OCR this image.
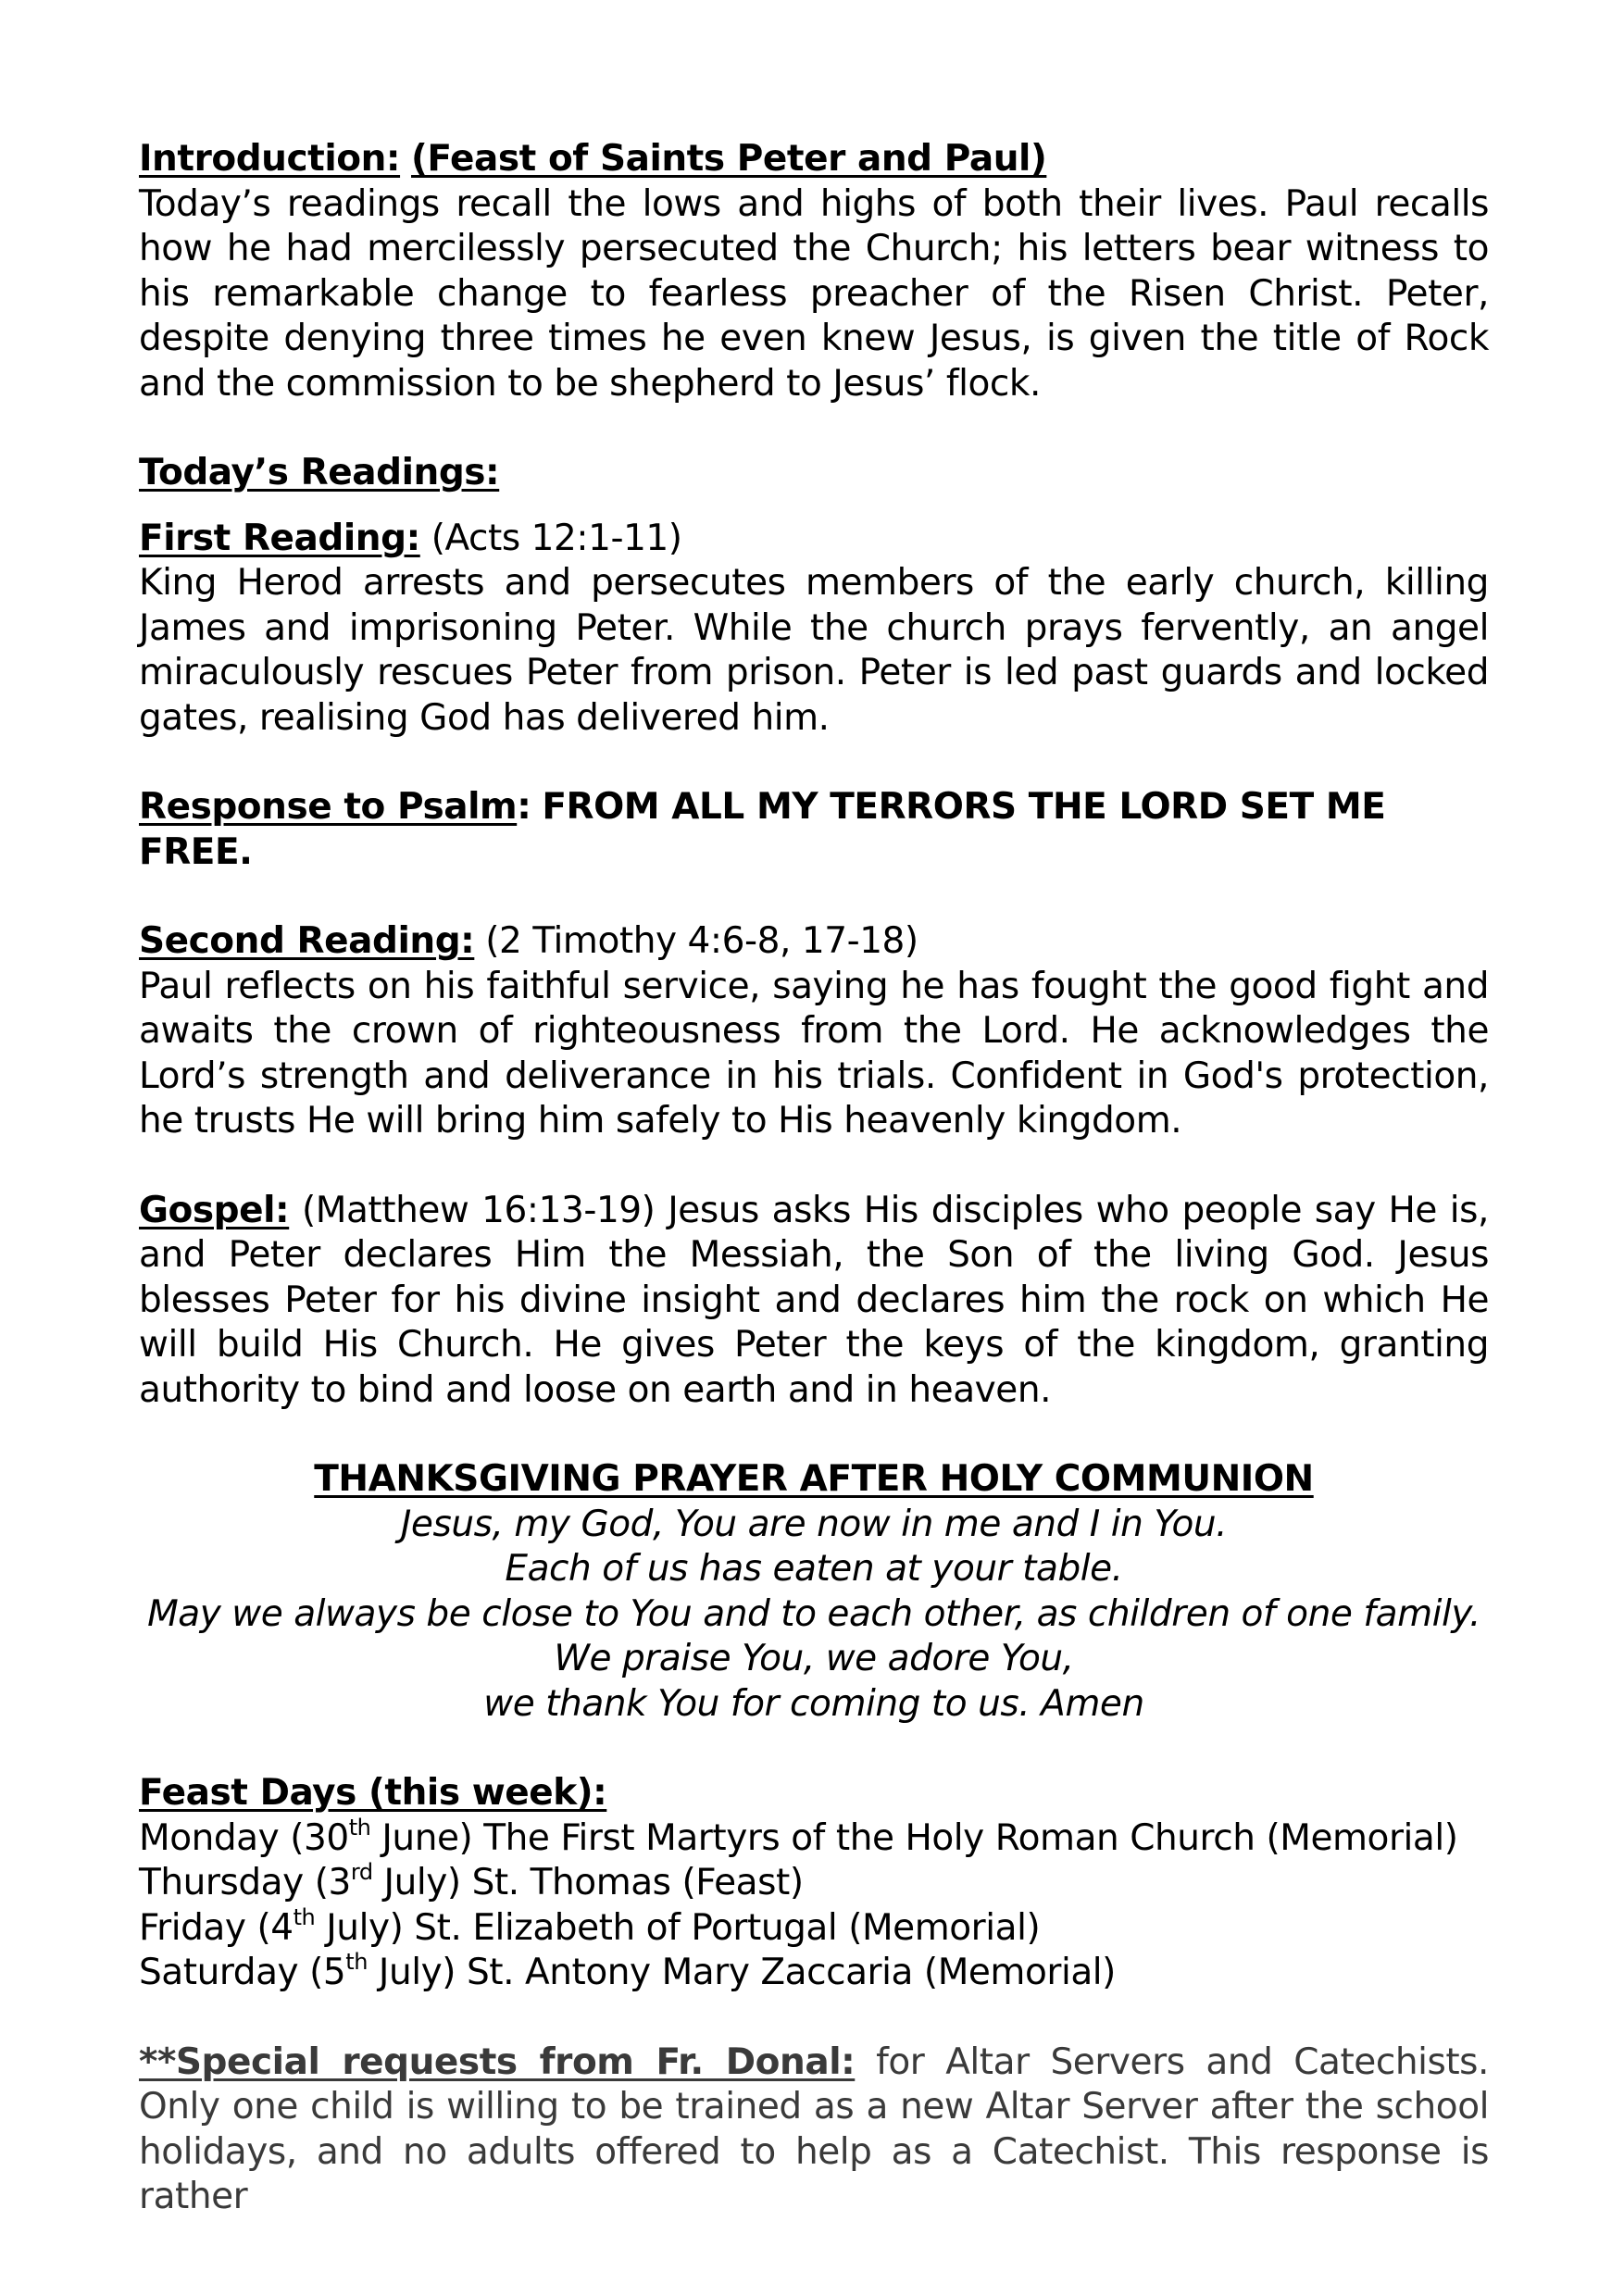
Introduction: (Feast of Saints Peter and Paul)

Today’s readings recall the lows and highs of both their lives. Paul recalls how he had mercilessly persecuted the Church; his letters bear witness to his remarkable change to fearless preacher of the Risen Christ. Peter, despite denying three times he even knew Jesus, is given the title of Rock and the commission to be shepherd to Jesus’ flock.

Today’s Readings:

First Reading: (Acts 12:1-11)

King Herod arrests and persecutes members of the early church, killing James and imprisoning Peter. While the church prays fervently, an angel miraculously rescues Peter from prison. Peter is led past guards and locked gates, realising God has delivered him.

Response to Psalm: FROM ALL MY TERRORS THE LORD SET ME FREE.

Second Reading: (2 Timothy 4:6-8, 17-18)

Paul reflects on his faithful service, saying he has fought the good fight and awaits the crown of righteousness from the Lord. He acknowledges the Lord’s strength and deliverance in his trials. Confident in God's protection, he trusts He will bring him safely to His heavenly kingdom.

Gospel: (Matthew 16:13-19) Jesus asks His disciples who people say He is, and Peter declares Him the Messiah, the Son of the living God. Jesus blesses Peter for his divine insight and declares him the rock on which He will build His Church. He gives Peter the keys of the kingdom, granting authority to bind and loose on earth and in heaven.

THANKSGIVING PRAYER AFTER HOLY COMMUNION

Jesus, my God, You are now in me and I in You.

Each of us has eaten at your table.

May we always be close to You and to each other, as children of one family.

We praise You, we adore You,

we thank You for coming to us. Amen

Feast Days (this week):

Monday (30th June) The First Martyrs of the Holy Roman Church (Memorial)

Thursday (3rd July) St. Thomas (Feast)

Friday (4th July) St. Elizabeth of Portugal (Memorial)

Saturday (5th July) St. Antony Mary Zaccaria (Memorial)

**Special requests from Fr. Donal: for Altar Servers and Catechists. Only one child is willing to be trained as a new Altar Server after the school holidays, and no adults offered to help as a Catechist. This response is rather
